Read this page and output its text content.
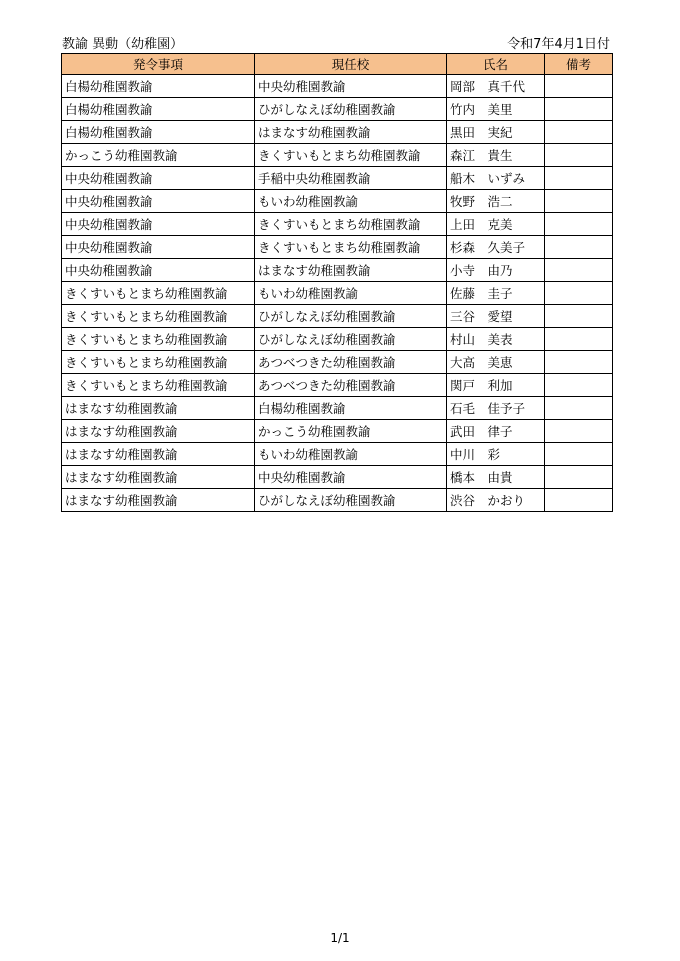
教諭 異動（幼稚園）	令和7年4月1日付
発令事項	現任校	氏名	備考
白楊幼稚園教諭	中央幼稚園教諭	岡部　真千代	
白楊幼稚園教諭	ひがしなえぼ幼稚園教諭	竹内　美里	
白楊幼稚園教諭	はまなす幼稚園教諭	黒田　実紀	
かっこう幼稚園教諭	きくすいもとまち幼稚園教諭	森江　貴生	
中央幼稚園教諭	手稲中央幼稚園教諭	船木　いずみ	
中央幼稚園教諭	もいわ幼稚園教諭	牧野　浩二	
中央幼稚園教諭	きくすいもとまち幼稚園教諭	上田　克美	
中央幼稚園教諭	きくすいもとまち幼稚園教諭	杉森　久美子	
中央幼稚園教諭	はまなす幼稚園教諭	小寺　由乃	
きくすいもとまち幼稚園教諭	もいわ幼稚園教諭	佐藤　圭子	
きくすいもとまち幼稚園教諭	ひがしなえぼ幼稚園教諭	三谷　愛望	
きくすいもとまち幼稚園教諭	ひがしなえぼ幼稚園教諭	村山　美表	
きくすいもとまち幼稚園教諭	あつべつきた幼稚園教諭	大高　美恵	
きくすいもとまち幼稚園教諭	あつべつきた幼稚園教諭	関戸　利加	
はまなす幼稚園教諭	白楊幼稚園教諭	石毛　佳予子	
はまなす幼稚園教諭	かっこう幼稚園教諭	武田　律子	
はまなす幼稚園教諭	もいわ幼稚園教諭	中川　彩	
はまなす幼稚園教諭	中央幼稚園教諭	橋本　由貴	
はまなす幼稚園教諭	ひがしなえぼ幼稚園教諭	渋谷　かおり	
1/1
